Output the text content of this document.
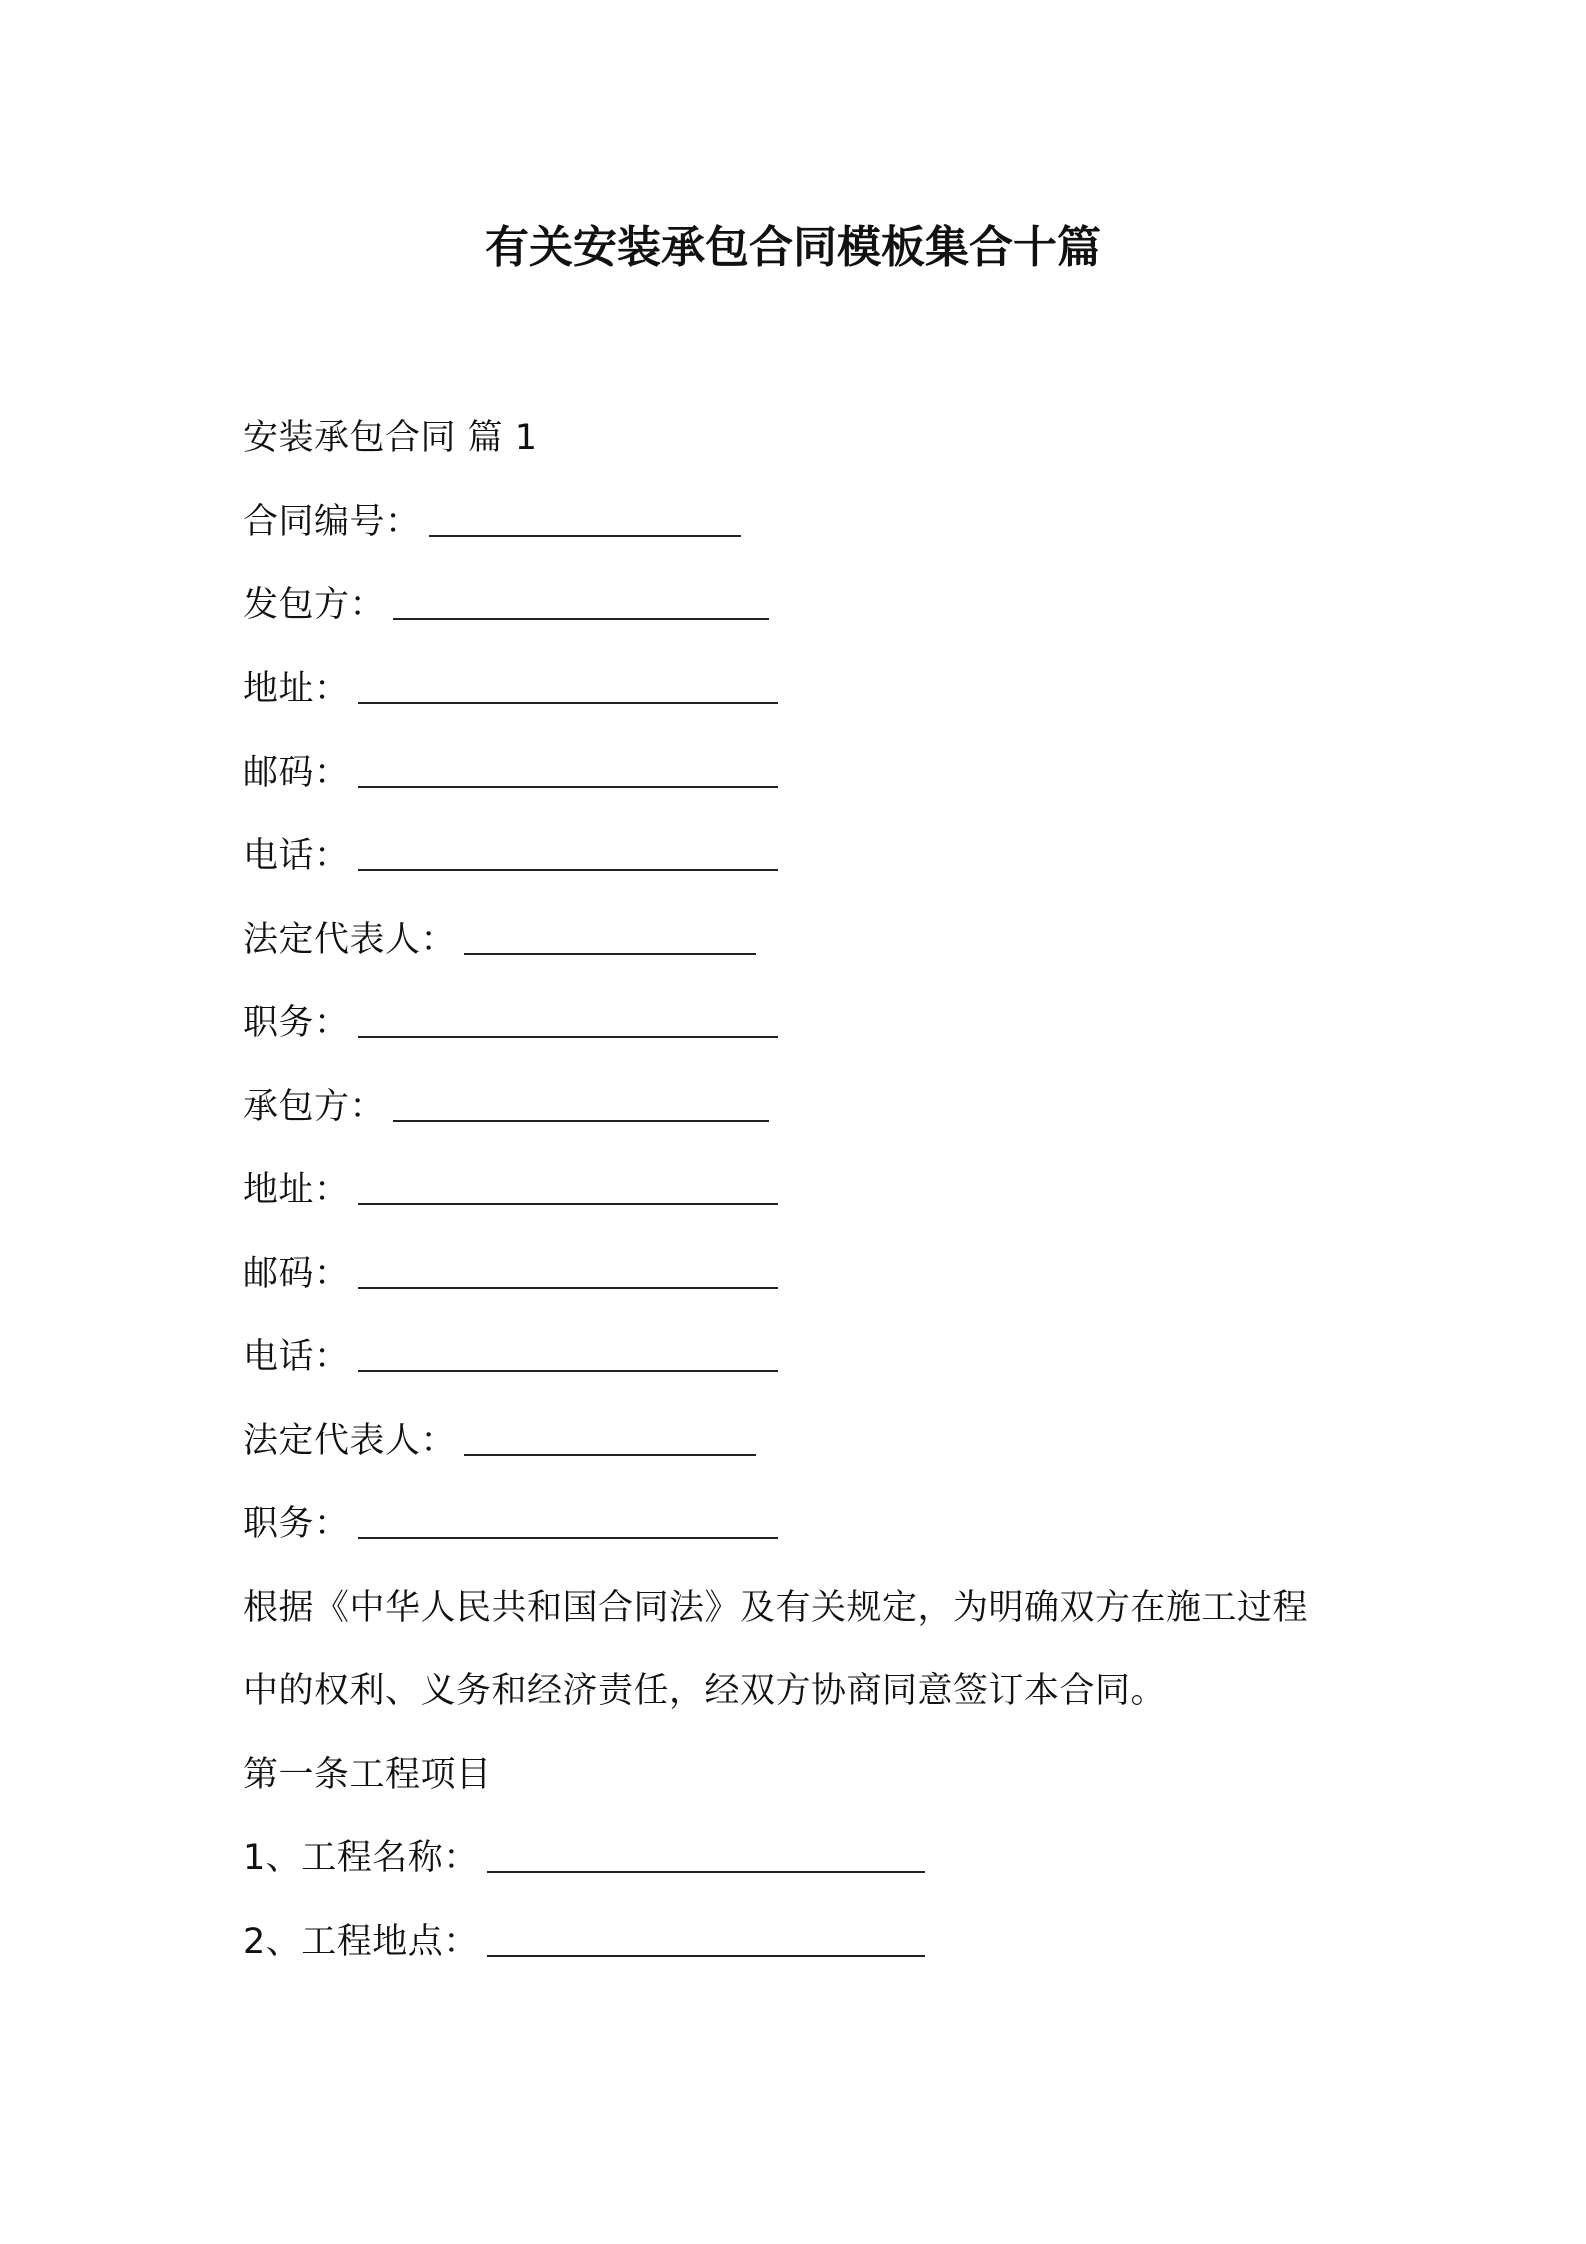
有关安装承包合同模板集合十篇
安装承包合同 篇 1
合同编号：
发包方：
地址：
邮码：
电话：
法定代表人：
职务：
承包方：
地址：
邮码：
电话：
法定代表人：
职务：
根据《中华人民共和国合同法》及有关规定，为明确双方在施工过程
中的权利、义务和经济责任，经双方协商同意签订本合同。
第一条工程项目
1、工程名称：
2、工程地点：
